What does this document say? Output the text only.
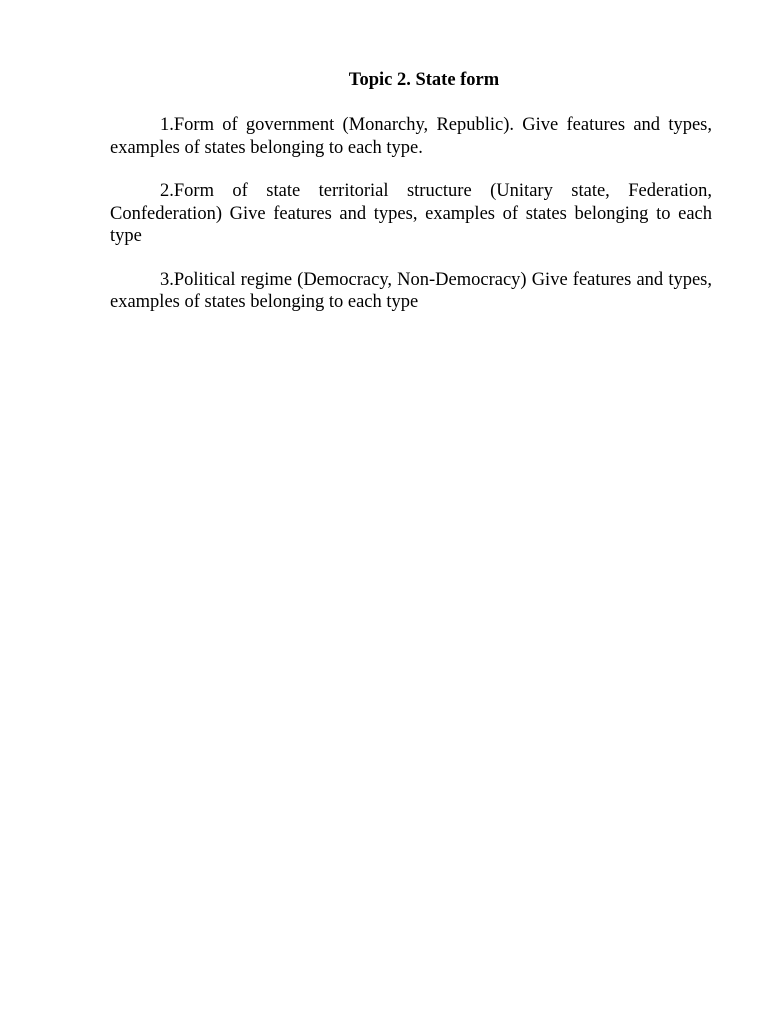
Topic 2. State form
1.Form of government (Monarchy, Republic). Give features and types, examples of states belonging to each type.
2.Form of state territorial structure (Unitary state, Federation, Confederation) Give features and types, examples of states belonging to each type
3.Political regime (Democracy, Non-Democracy) Give features and types, examples of states belonging to each type
